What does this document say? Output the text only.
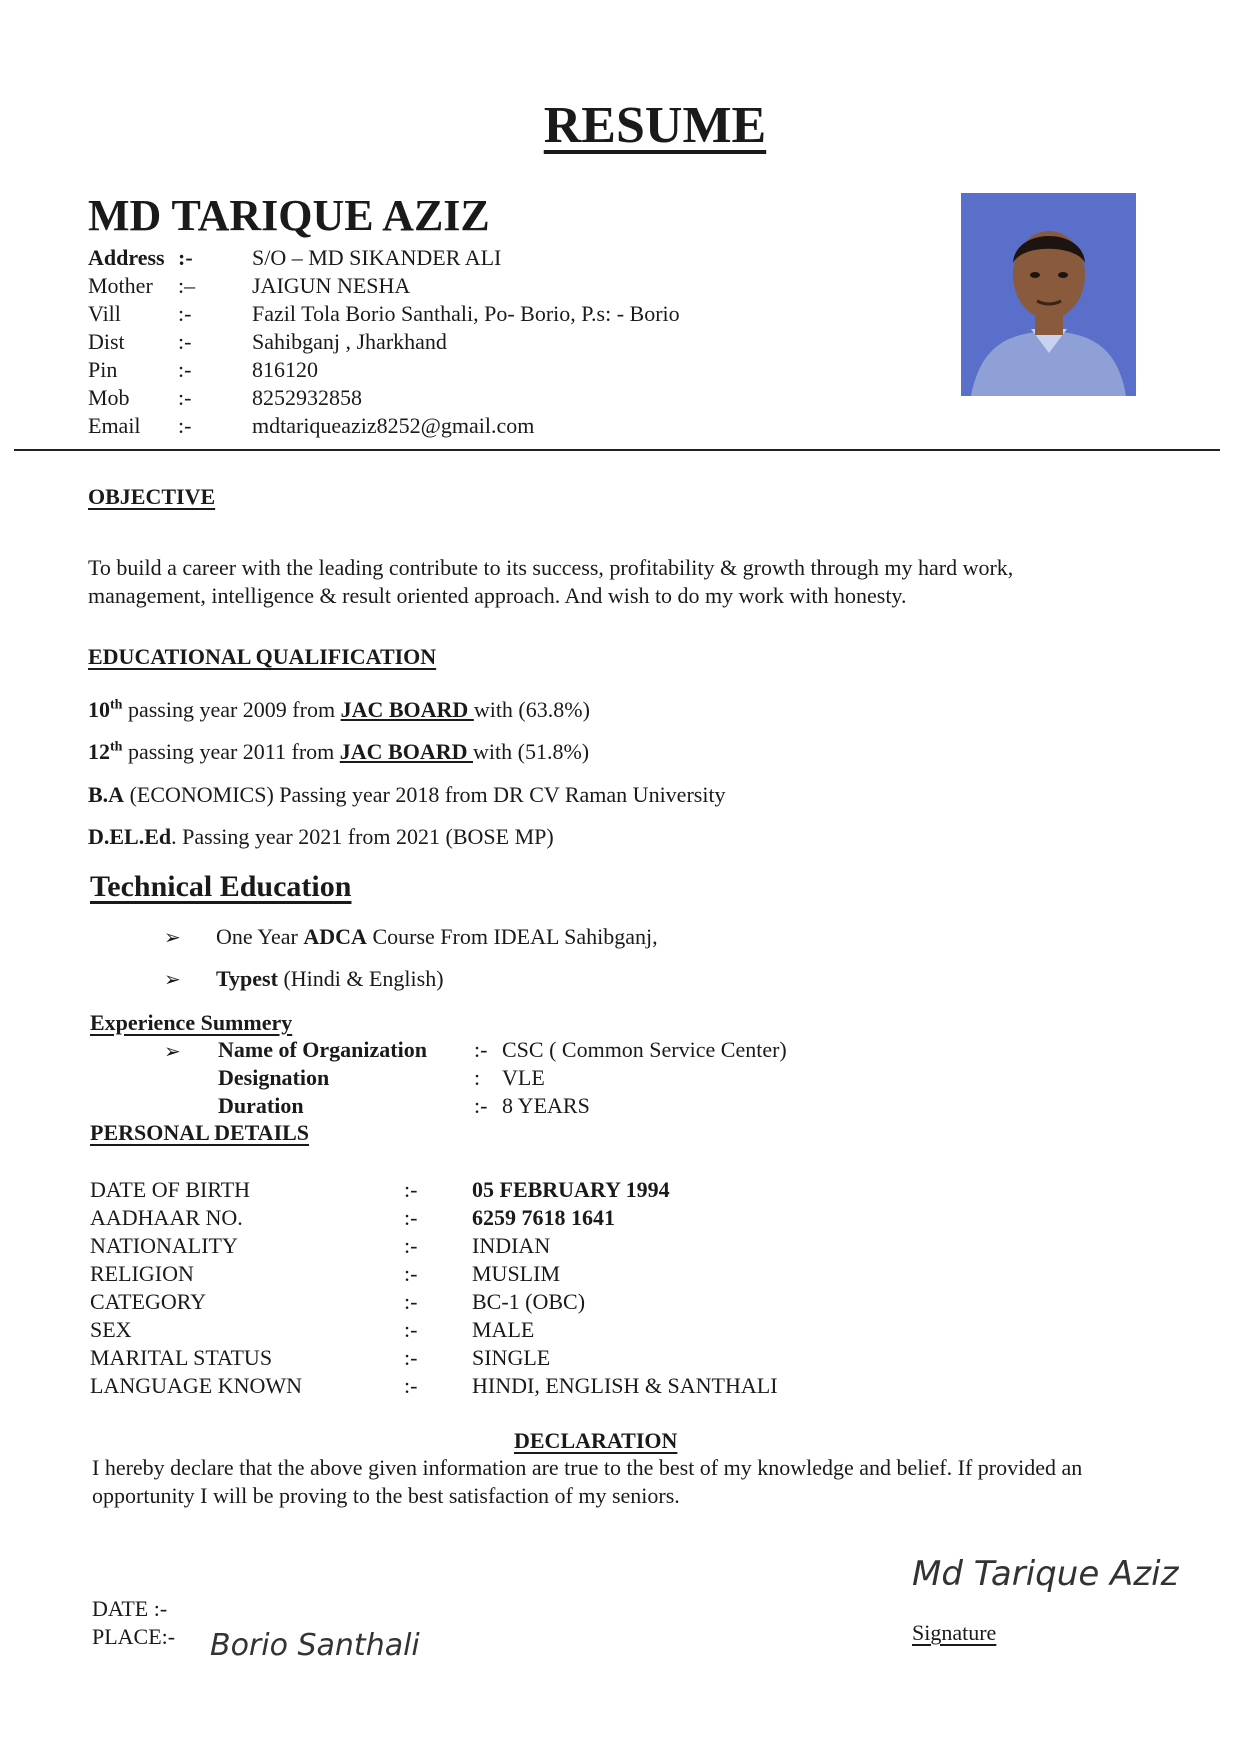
RESUME
MD TARIQUE AZIZ
Address :-	S/O – MD SIKANDER ALI
Mother :–	JAIGUN NESHA
Vill	:-	Fazil Tola Borio Santhali, Po- Borio, P.s: - Borio
Dist :-	Sahibganj , Jharkhand
Pin	:-	816120
Mob :-	8252932858
Email :-	mdtariqueaziz8252@gmail.com
OBJECTIVE
To build a career with the leading contribute to its success, profitability & growth through my hard work, management, intelligence & result oriented approach. And wish to do my work with honesty.
EDUCATIONAL QUALIFICATION
10th passing year 2009 from JAC BOARD with (63.8%)
12th passing year 2011 from JAC BOARD with (51.8%)
B.A (ECONOMICS) Passing year 2018 from DR CV Raman University
D.EL.Ed. Passing year 2021 from 2021 (BOSE MP)
Technical Education
➢ One Year ADCA Course From IDEAL Sahibganj,
➢ Typest (Hindi & English)
Experience Summery
➢	Name of Organization :- CSC ( Common Service Center)
Designation	: VLE
Duration	:- 8 YEARS
PERSONAL DETAILS
DATE OF BIRTH	:- 05 FEBRUARY 1994
AADHAAR NO.	:- 6259 7618 1641
NATIONALITY	:- INDIAN
RELIGION	:- MUSLIM
CATEGORY	:- BC-1 (OBC)
SEX	:- MALE
MARITAL STATUS	:- SINGLE
LANGUAGE KNOWN	:- HINDI, ENGLISH & SANTHALI
DECLARATION
I hereby declare that the above given information are true to the best of my knowledge and belief. If provided an opportunity I will be proving to the best satisfaction of my seniors.
DATE :-
PLACE:- Borio Santhali
Md Tarique Aziz
Signature
